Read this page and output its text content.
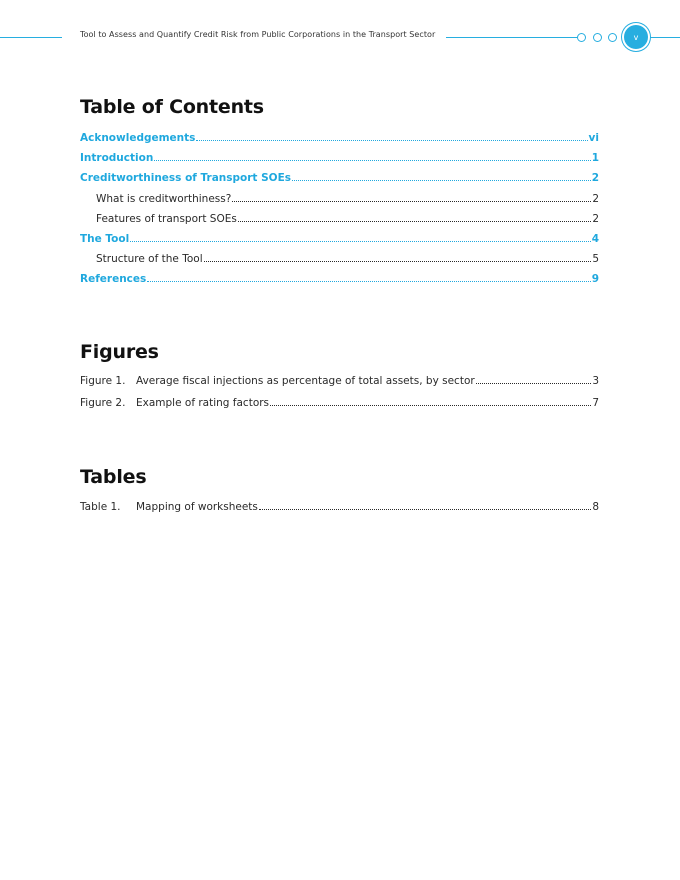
Tool to Assess and Quantify Credit Risk from Public Corporations in the Transport Sector	v
Table of Contents
Acknowledgements	vi
Introduction	1
Creditworthiness of Transport SOEs	2
What is creditworthiness?	2
Features of transport SOEs	2
The Tool	4
Structure of the Tool	5
References	9
Figures
Figure 1.	Average fiscal injections as percentage of total assets, by sector	3
Figure 2.	Example of rating factors	7
Tables
Table 1.	Mapping of worksheets	8
